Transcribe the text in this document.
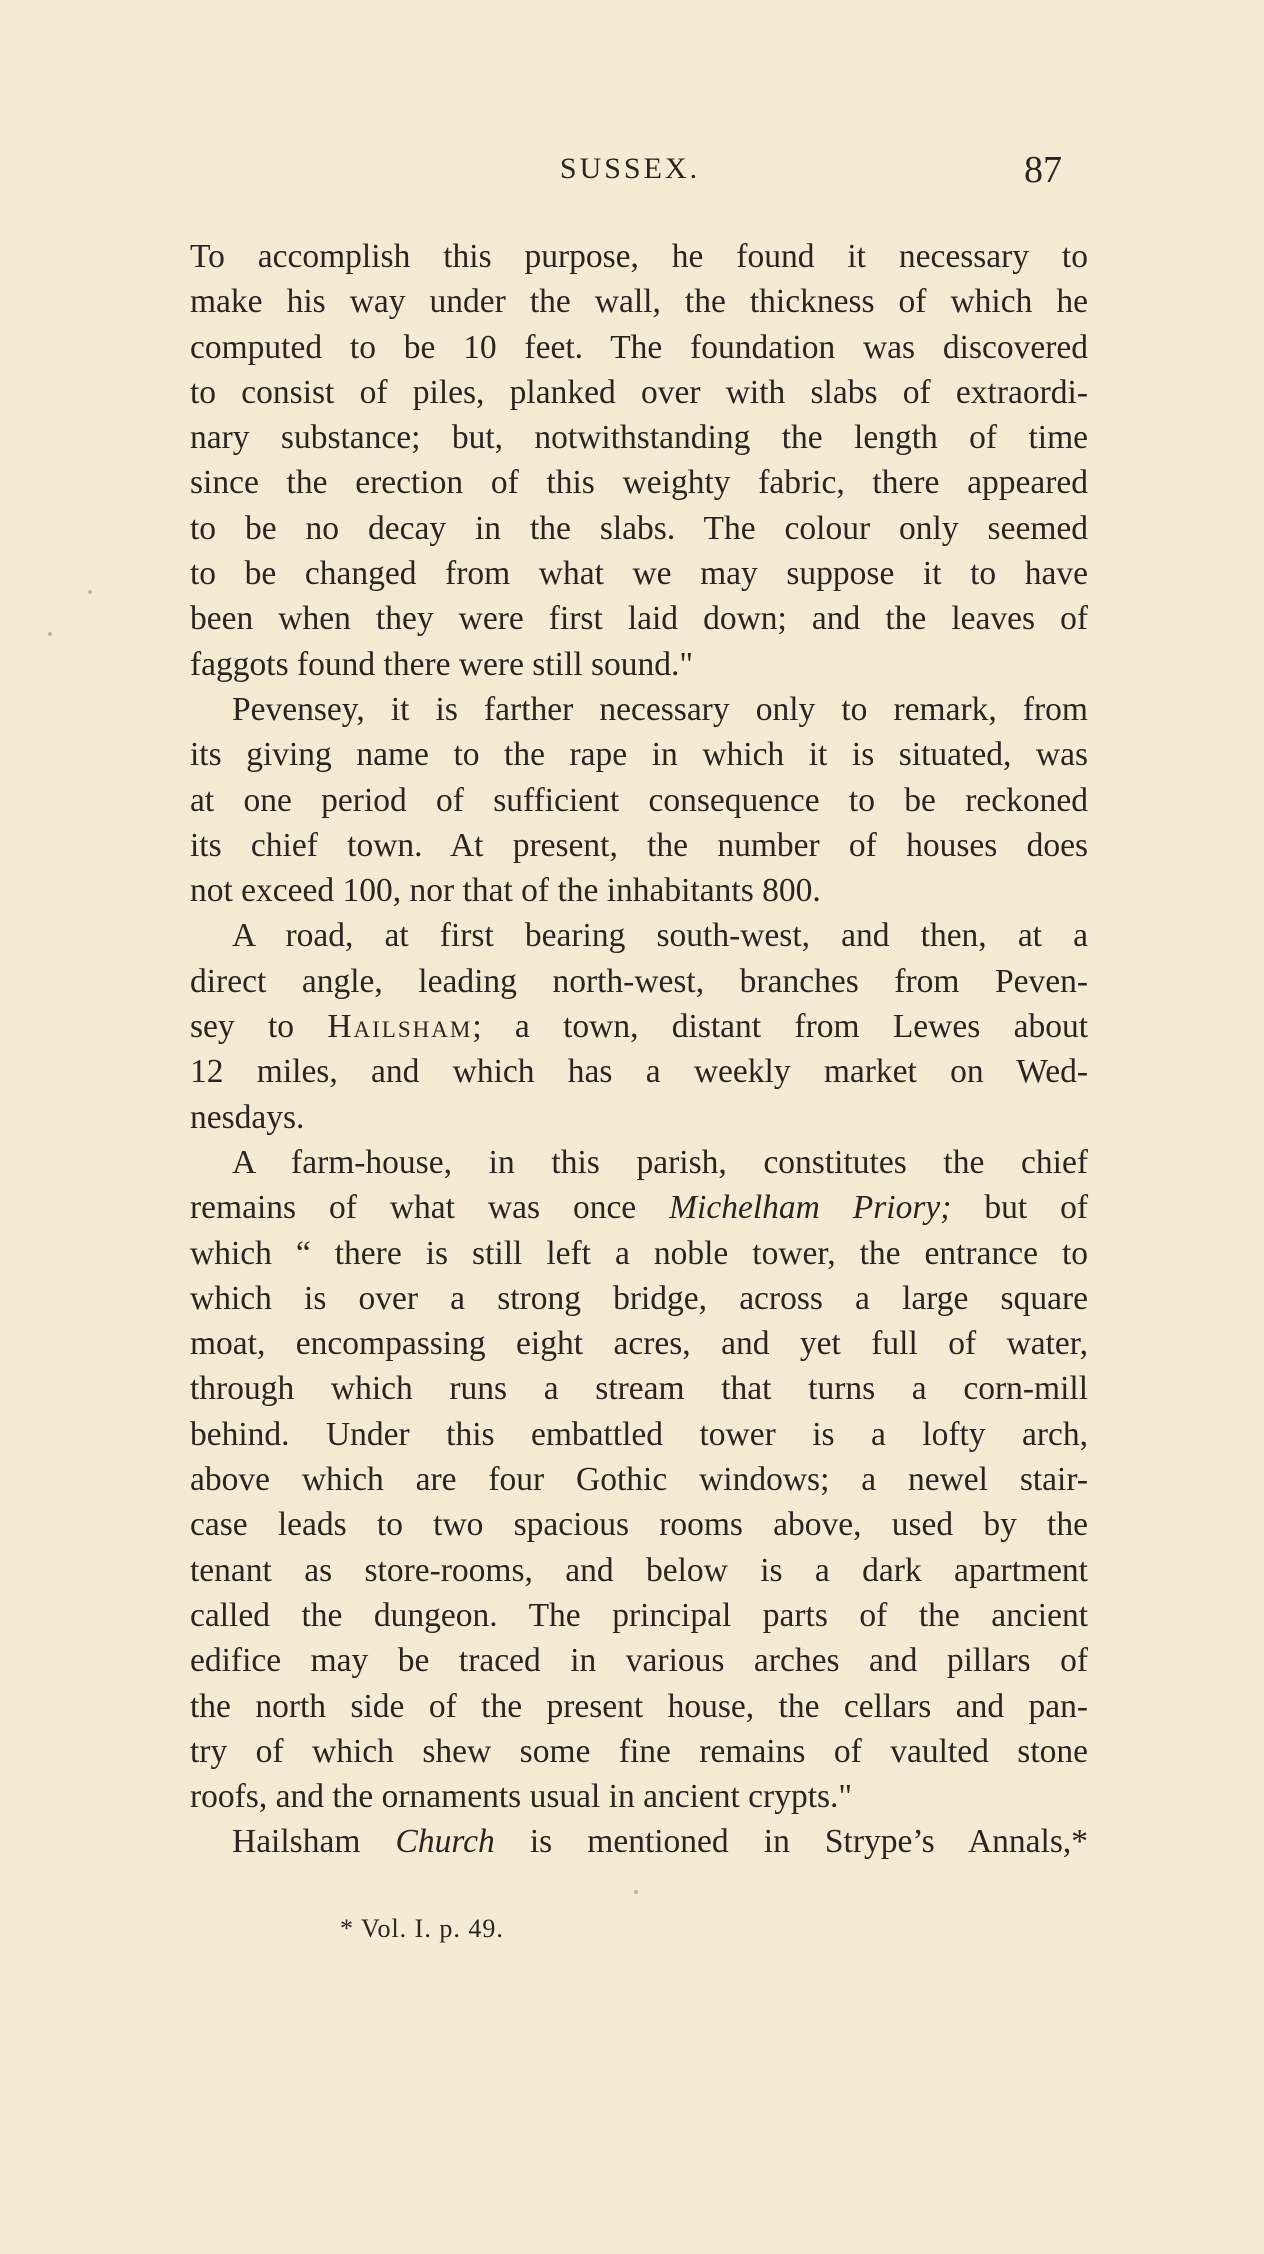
SUSSEX.	87

To accomplish this purpose, he found it necessary to
make his way under the wall, the thickness of which he
computed to be 10 feet. The foundation was discovered
to consist of piles, planked over with slabs of extraordi-
nary substance; but, notwithstanding the length of time
since the erection of this weighty fabric, there appeared
to be no decay in the slabs. The colour only seemed
to be changed from what we may suppose it to have
been when they were first laid down; and the leaves of
faggots found there were still sound."

Pevensey, it is farther necessary only to remark, from
its giving name to the rape in which it is situated, was
at one period of sufficient consequence to be reckoned
its chief town. At present, the number of houses does
not exceed 100, nor that of the inhabitants 800.

A road, at first bearing south-west, and then, at a
direct angle, leading north-west, branches from Peven-
sey to Hailsham; a town, distant from Lewes about
12 miles, and which has a weekly market on Wed-
nesdays.

A farm-house, in this parish, constitutes the chief
remains of what was once Michelham Priory; but of
which “ there is still left a noble tower, the entrance to
which is over a strong bridge, across a large square
moat, encompassing eight acres, and yet full of water,
through which runs a stream that turns a corn-mill
behind. Under this embattled tower is a lofty arch,
above which are four Gothic windows; a newel stair-
case leads to two spacious rooms above, used by the
tenant as store-rooms, and below is a dark apartment
called the dungeon. The principal parts of the ancient
edifice may be traced in various arches and pillars of
the north side of the present house, the cellars and pan-
try of which shew some fine remains of vaulted stone
roofs, and the ornaments usual in ancient crypts."

Hailsham Church is mentioned in Strype’s Annals,*

* Vol. I. p. 49.
